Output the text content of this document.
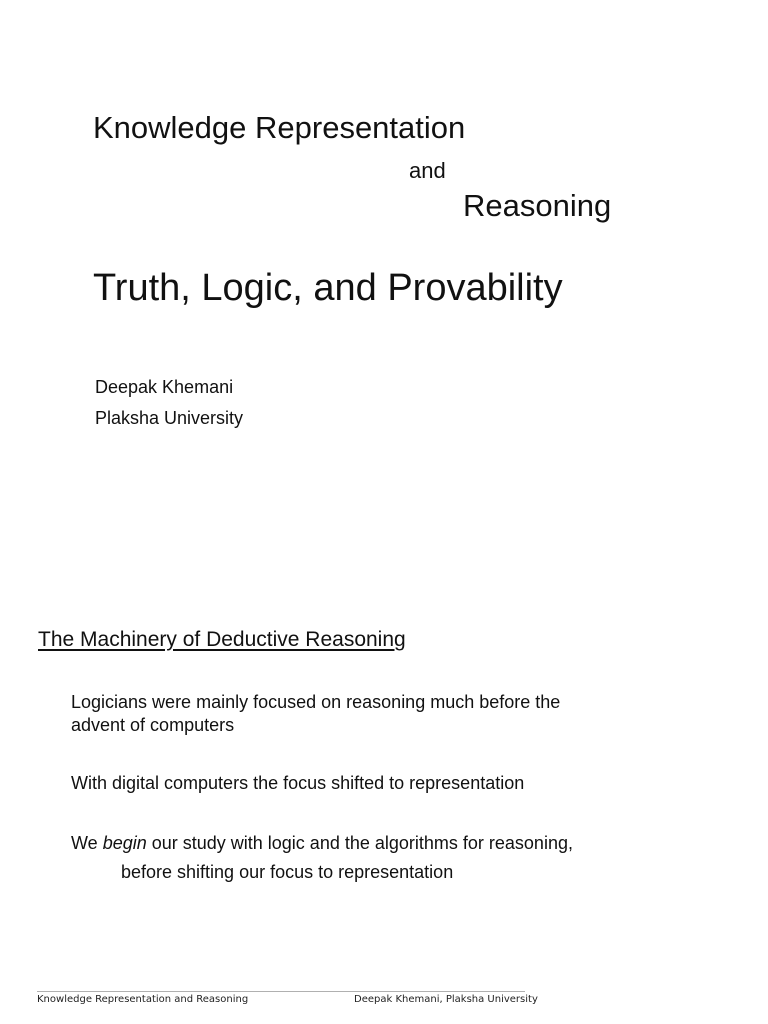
Knowledge Representation
and
Reasoning
Truth, Logic, and Provability
Deepak Khemani
Plaksha University
The Machinery of Deductive Reasoning
Logicians were mainly focused on reasoning much before the
advent of computers
With digital computers the focus shifted to representation
We begin our study with logic and the algorithms for reasoning,
before shifting our focus to representation
Knowledge Representation and Reasoning	Deepak Khemani, Plaksha University
